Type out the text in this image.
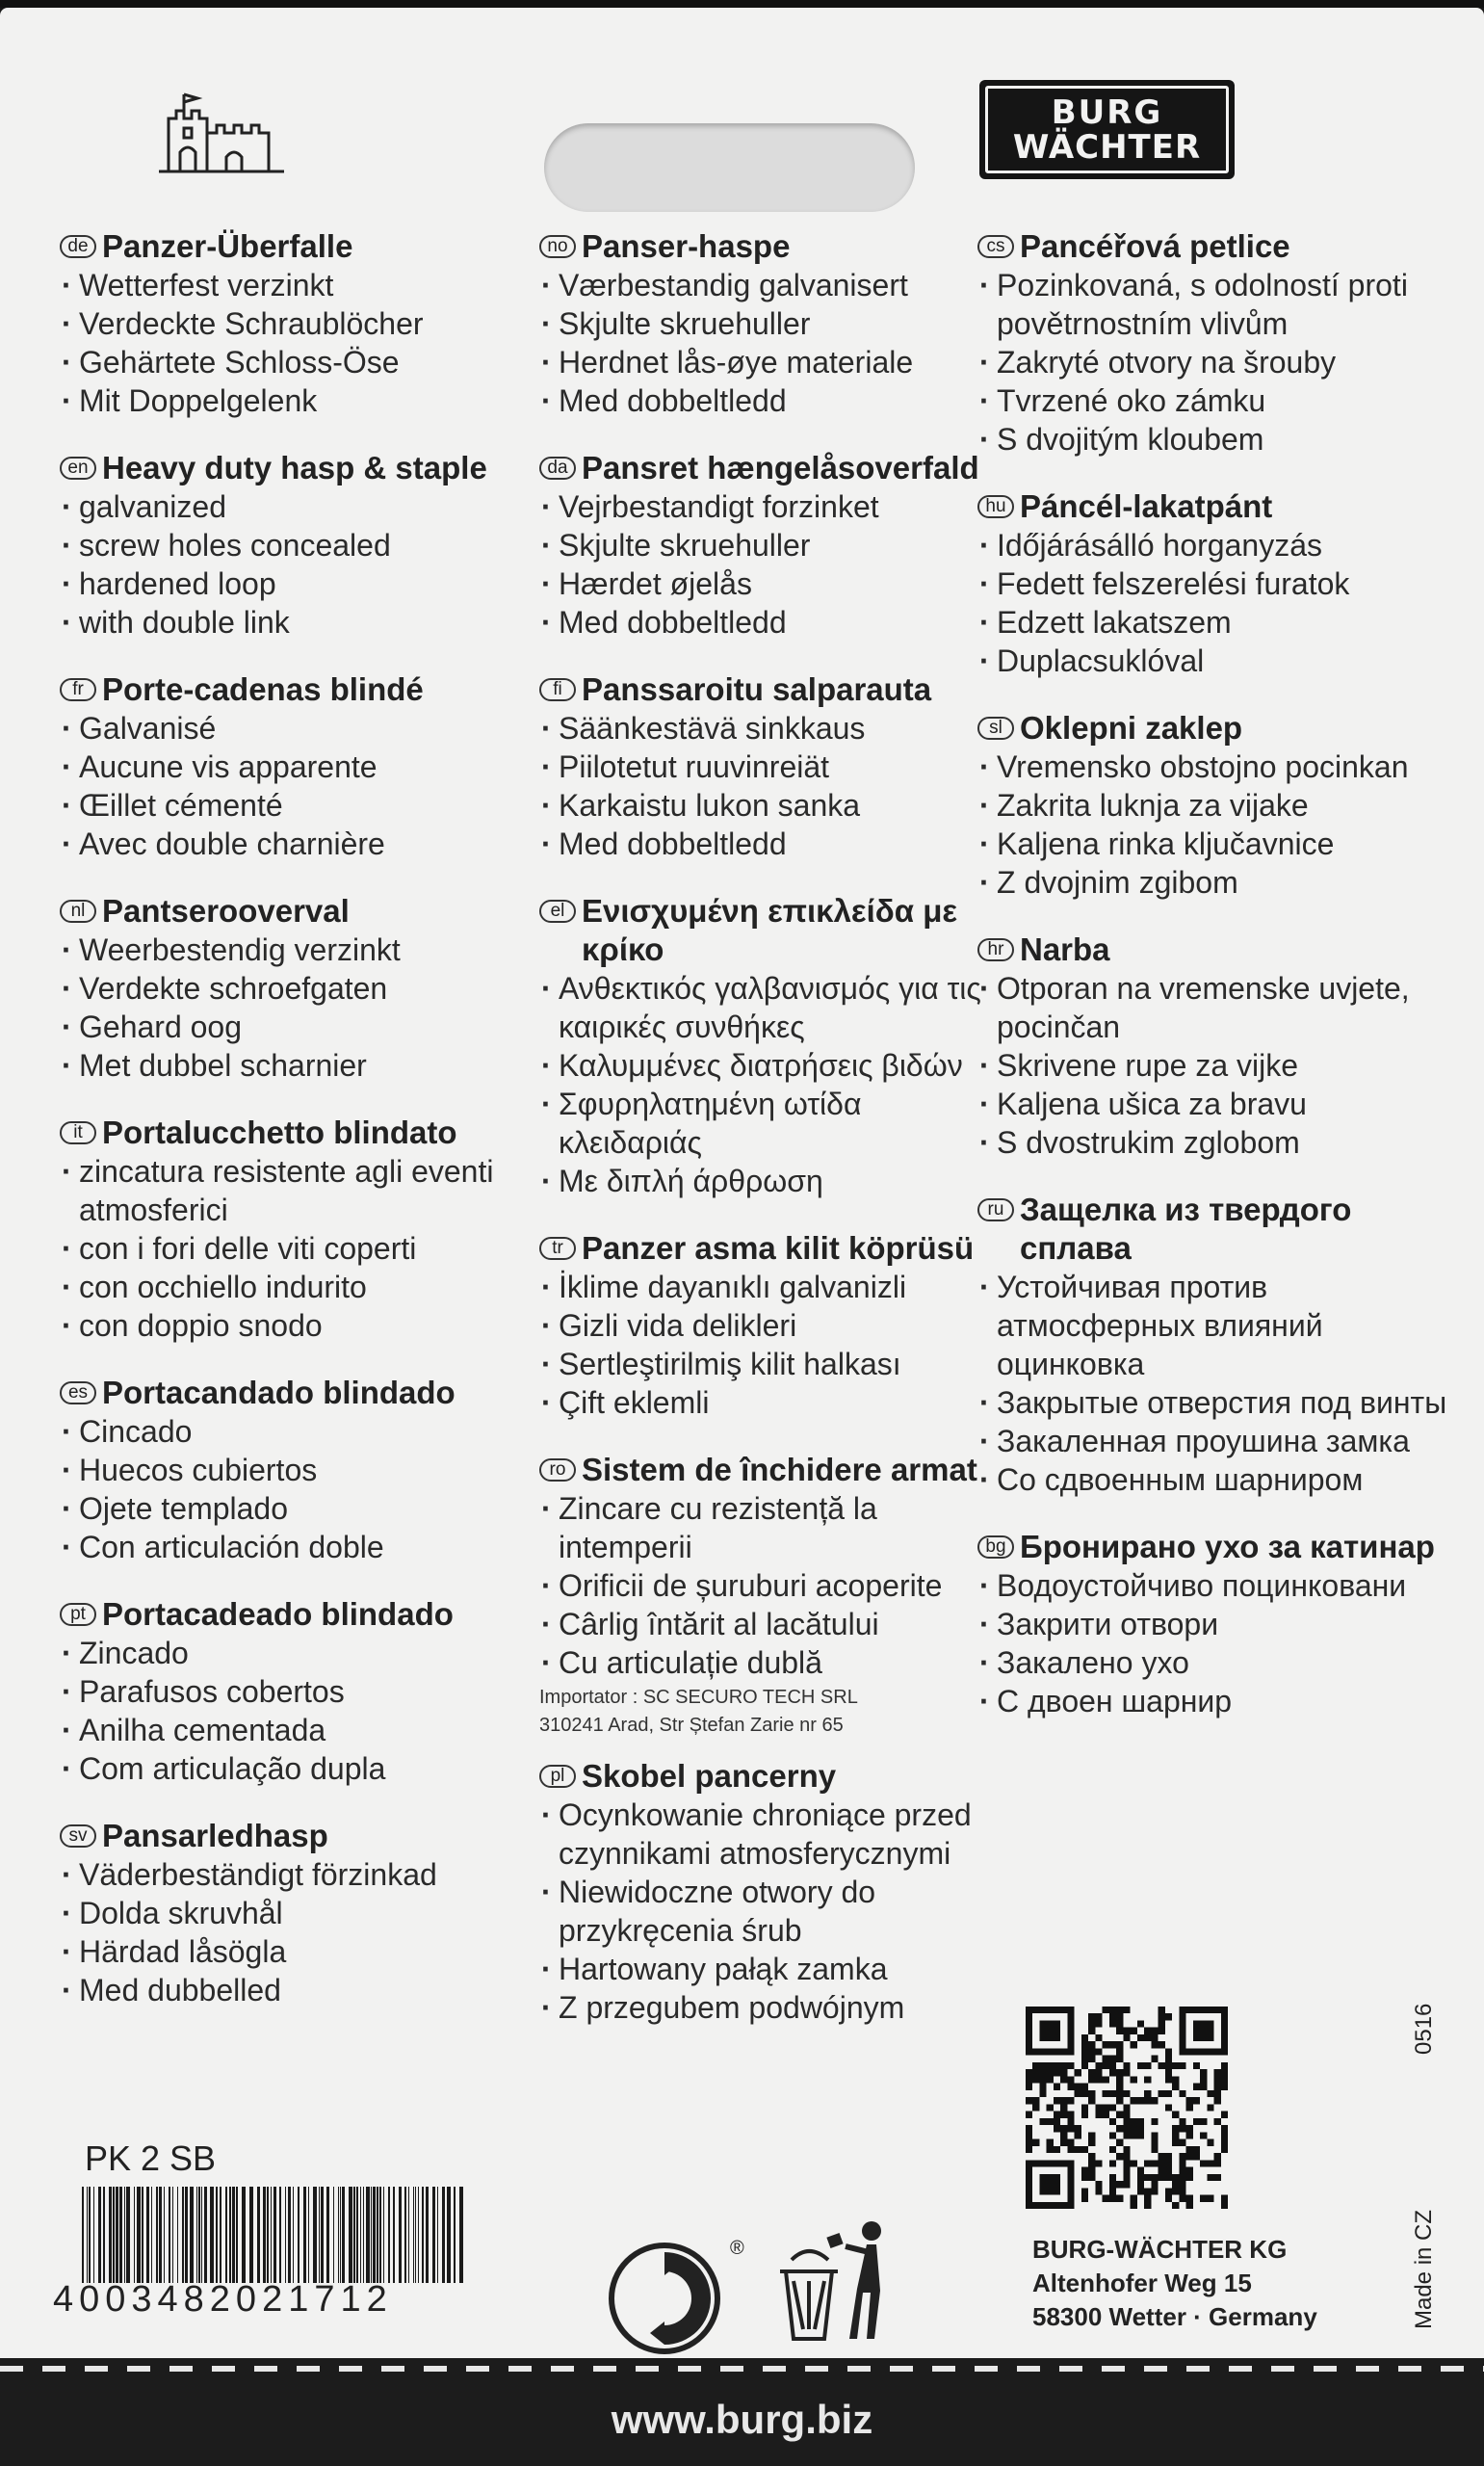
BURG
WÄCHTER
de Panzer-Überfalle
· Wetterfest verzinkt
· Verdeckte Schraublöcher
· Gehärtete Schloss-Öse
· Mit Doppelgelenk
en Heavy duty hasp & staple
· galvanized
· screw holes concealed
· hardened loop
· with double link
fr Porte-cadenas blindé
· Galvanisé
· Aucune vis apparente
· Œillet cémenté
· Avec double charnière
nl Pantserooverval
· Weerbestendig verzinkt
· Verdekte schroefgaten
· Gehard oog
· Met dubbel scharnier
it Portalucchetto blindato
· zincatura resistente agli eventi atmosferici
· con i fori delle viti coperti
· con occhiello indurito
· con doppio snodo
es Portacandado blindado
· Cincado
· Huecos cubiertos
· Ojete templado
· Con articulación doble
pt Portacadeado blindado
· Zincado
· Parafusos cobertos
· Anilha cementada
· Com articulação dupla
sv Pansarledhasp
· Väderbeständigt förzinkad
· Dolda skruvhål
· Härdad låsögla
· Med dubbelled
no Panser-haspe
· Værbestandig galvanisert
· Skjulte skruehuller
· Herdnet lås-øye materiale
· Med dobbeltledd
da Pansret hængelåsoverfald
· Vejrbestandigt forzinket
· Skjulte skruehuller
· Hærdet øjelås
· Med dobbeltledd
fi Panssaroitu salparauta
· Säänkestävä sinkkaus
· Piilotetut ruuvinreiät
· Karkaistu lukon sanka
· Med dobbeltledd
el Ενισχυμένη επικλείδα με κρίκο
· Ανθεκτικός γαλβανισμός για τις καιρικές συνθήκες
· Καλυμμένες διατρήσεις βιδών
· Σφυρηλατημένη ωτίδα κλειδαριάς
· Με διπλή άρθρωση
tr Panzer asma kilit köprüsü
· İklime dayanıklı galvanizli
· Gizli vida delikleri
· Sertleştirilmiş kilit halkası
· Çift eklemli
ro Sistem de închidere armat
· Zincare cu rezistență la intemperii
· Orificii de șuruburi acoperite
· Cârlig întărit al lacătului
· Cu articulație dublă
Importator : SC SECURO TECH SRL
310241 Arad, Str Ștefan Zarie nr 65
pl Skobel pancerny
· Ocynkowanie chroniące przed czynnikami atmosferycznymi
· Niewidoczne otwory do przykręcenia śrub
· Hartowany pałąk zamka
· Z przegubem podwójnym
cs Pancéřová petlice
· Pozinkovaná, s odolností proti povětrnostním vlivům
· Zakryté otvory na šrouby
· Tvrzené oko zámku
· S dvojitým kloubem
hu Páncél-lakatpánt
· Időjárásálló horganyzás
· Fedett felszerelési furatok
· Edzett lakatszem
· Duplacsuklóval
sl Oklepni zaklep
· Vremensko obstojno pocinkan
· Zakrita luknja za vijake
· Kaljena rinka ključavnice
· Z dvojnim zgibom
hr Narba
· Otporan na vremenske uvjete, pocinčan
· Skrivene rupe za vijke
· Kaljena ušica za bravu
· S dvostrukim zglobom
ru Защелка из твердого сплава
· Устойчивая против атмосферных влияний оцинковка
· Закрытые отверстия под винты
· Закаленная проушина замка
· Со сдвоенным шарниром
bg Бронирано ухо за катинар
· Водоустойчиво поцинковани
· Закрити отвори
· Закалено ухо
· С двоен шарнир
PK 2 SB
4003482021712
®	BURG-WÄCHTER KG
Altenhofer Weg 15
58300 Wetter · Germany	Made in CZ
0516
www.burg.biz
